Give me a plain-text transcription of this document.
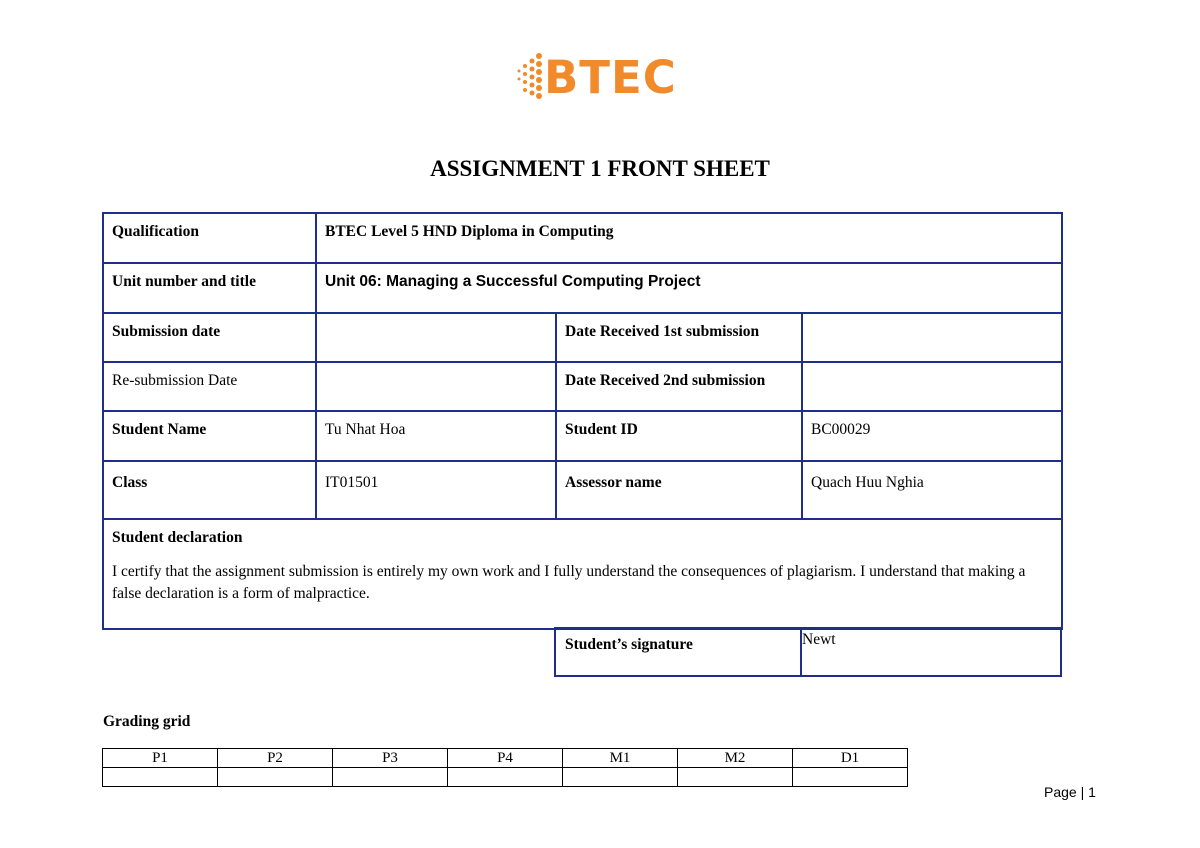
BTEC
ASSIGNMENT 1 FRONT SHEET
Qualification	BTEC Level 5 HND Diploma in Computing		
Unit number and title	Unit 06: Managing a Successful Computing Project		
Submission date		Date Received 1st submission	
Re-submission Date		Date Received 2nd submission	
Student Name	Tu Nhat Hoa	Student ID	BC00029
Class	IT01501	Assessor name	Quach Huu Nghia

Student declaration
I certify that the assignment submission is entirely my own work and I fully understand the consequences of plagiarism. I understand that making a false declaration is a form of malpractice.			
Student’s signature	Newt
Grading grid
P1	P2	P3	P4	M1	M2	D1

Page | 1
